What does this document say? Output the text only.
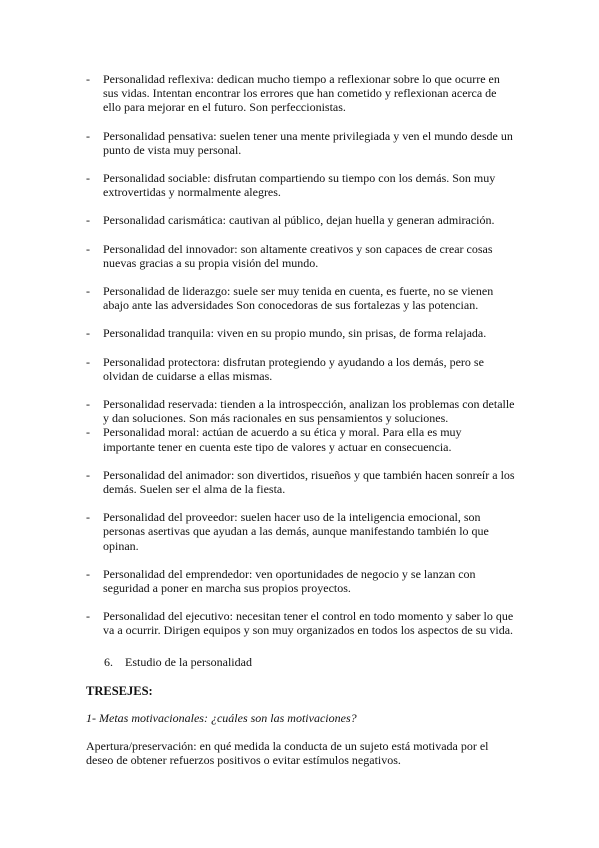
- Personalidad reflexiva: dedican mucho tiempo a reflexionar sobre lo que ocurre en sus vidas. Intentan encontrar los errores que han cometido y reflexionan acerca de ello para mejorar en el futuro. Son perfeccionistas.

- Personalidad pensativa: suelen tener una mente privilegiada y ven el mundo desde un punto de vista muy personal.

- Personalidad sociable: disfrutan compartiendo su tiempo con los demás. Son muy extrovertidas y normalmente alegres.

- Personalidad carismática: cautivan al público, dejan huella y generan admiración.

- Personalidad del innovador: son altamente creativos y son capaces de crear cosas nuevas gracias a su propia visión del mundo.

- Personalidad de liderazgo: suele ser muy tenida en cuenta, es fuerte, no se vienen abajo ante las adversidades Son conocedoras de sus fortalezas y las potencian.

- Personalidad tranquila: viven en su propio mundo, sin prisas, de forma relajada.

- Personalidad protectora: disfrutan protegiendo y ayudando a los demás, pero se olvidan de cuidarse a ellas mismas.

- Personalidad reservada: tienden a la introspección, analizan los problemas con detalle y dan soluciones. Son más racionales en sus pensamientos y soluciones.

- Personalidad moral: actúan de acuerdo a su ética y moral. Para ella es muy importante tener en cuenta este tipo de valores y actuar en consecuencia.

- Personalidad del animador: son divertidos, risueños y que también hacen sonreír a los demás. Suelen ser el alma de la fiesta.

- Personalidad del proveedor: suelen hacer uso de la inteligencia emocional, son personas asertivas que ayudan a las demás, aunque manifestando también lo que opinan.

- Personalidad del emprendedor: ven oportunidades de negocio y se lanzan con seguridad a poner en marcha sus propios proyectos.

- Personalidad del ejecutivo: necesitan tener el control en todo momento y saber lo que va a ocurrir. Dirigen equipos y son muy organizados en todos los aspectos de su vida.

6. Estudio de la personalidad
TRESEJES:
1- Metas motivacionales: ¿cuáles son las motivaciones?

Apertura/preservación: en qué medida la conducta de un sujeto está motivada por el deseo de obtener refuerzos positivos o evitar estímulos negativos.
